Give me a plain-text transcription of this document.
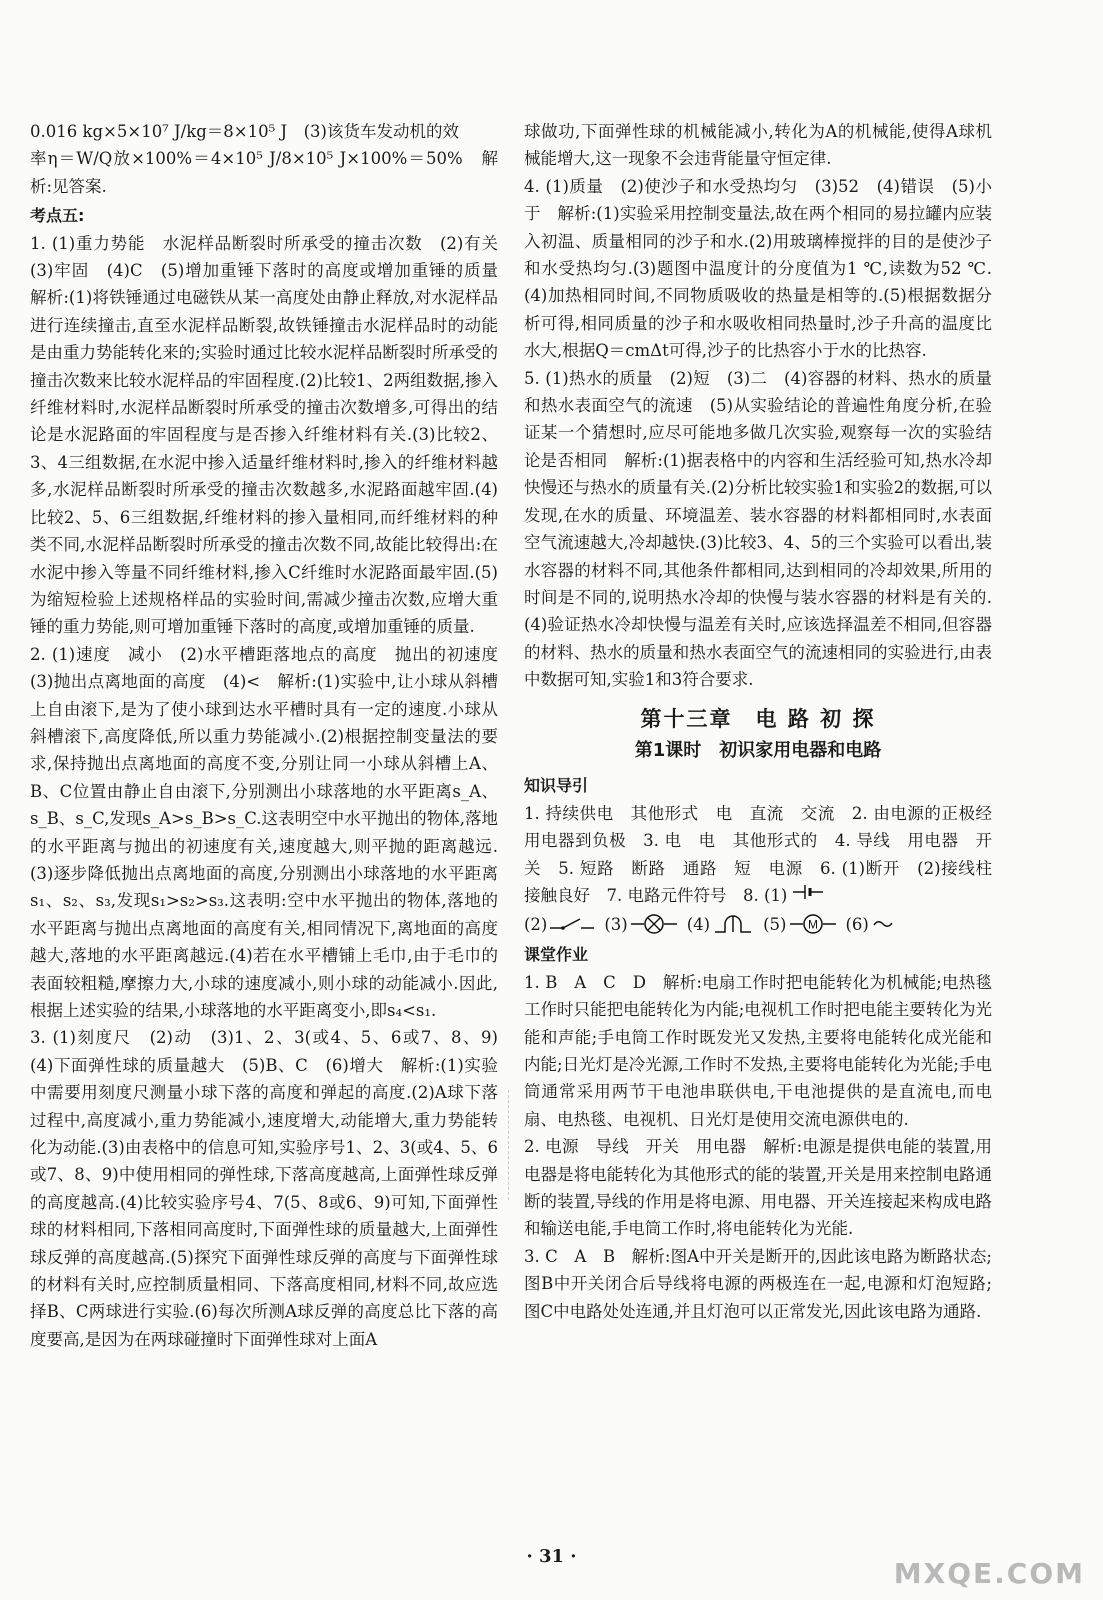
0.016 kg×5×10⁷ J/kg＝8×10⁵ J　(3)该货车发动机的效

率η＝W/Q放×100%＝4×10⁵ J/8×10⁵ J×100%＝50%　解析:见答案.

考点五:

1. (1)重力势能　水泥样品断裂时所承受的撞击次数　(2)有关　(3)牢固　(4)C　(5)增加重锤下落时的高度或增加重锤的质量　解析:(1)将铁锤通过电磁铁从某一高度处由静止释放,对水泥样品进行连续撞击,直至水泥样品断裂,故铁锤撞击水泥样品时的动能是由重力势能转化来的;实验时通过比较水泥样品断裂时所承受的撞击次数来比较水泥样品的牢固程度.(2)比较1、2两组数据,掺入纤维材料时,水泥样品断裂时所承受的撞击次数增多,可得出的结论是水泥路面的牢固程度与是否掺入纤维材料有关.(3)比较2、3、4三组数据,在水泥中掺入适量纤维材料时,掺入的纤维材料越多,水泥样品断裂时所承受的撞击次数越多,水泥路面越牢固.(4)比较2、5、6三组数据,纤维材料的掺入量相同,而纤维材料的种类不同,水泥样品断裂时所承受的撞击次数不同,故能比较得出:在水泥中掺入等量不同纤维材料,掺入C纤维时水泥路面最牢固.(5)为缩短检验上述规格样品的实验时间,需减少撞击次数,应增大重锤的重力势能,则可增加重锤下落时的高度,或增加重锤的质量.

2. (1)速度　减小　(2)水平槽距落地点的高度　抛出的初速度　(3)抛出点离地面的高度　(4)<　解析:(1)实验中,让小球从斜槽上自由滚下,是为了使小球到达水平槽时具有一定的速度.小球从斜槽滚下,高度降低,所以重力势能减小.(2)根据控制变量法的要求,保持抛出点离地面的高度不变,分别让同一小球从斜槽上A、B、C位置由静止自由滚下,分别测出小球落地的水平距离s_A、s_B、s_C,发现s_A>s_B>s_C.这表明空中水平抛出的物体,落地的水平距离与抛出的初速度有关,速度越大,则平抛的距离越远.(3)逐步降低抛出点离地面的高度,分别测出小球落地的水平距离s₁、s₂、s₃,发现s₁>s₂>s₃.这表明:空中水平抛出的物体,落地的水平距离与抛出点离地面的高度有关,相同情况下,离地面的高度越大,落地的水平距离越远.(4)若在水平槽铺上毛巾,由于毛巾的表面较粗糙,摩擦力大,小球的速度减小,则小球的动能减小.因此,根据上述实验的结果,小球落地的水平距离变小,即s₄<s₁.

3. (1)刻度尺　(2)动　(3)1、2、3(或4、5、6或7、8、9)　(4)下面弹性球的质量越大　(5)B、C　(6)增大　解析:(1)实验中需要用刻度尺测量小球下落的高度和弹起的高度.(2)A球下落过程中,高度减小,重力势能减小,速度增大,动能增大,重力势能转化为动能.(3)由表格中的信息可知,实验序号1、2、3(或4、5、6或7、8、9)中使用相同的弹性球,下落高度越高,上面弹性球反弹的高度越高.(4)比较实验序号4、7(5、8或6、9)可知,下面弹性球的材料相同,下落相同高度时,下面弹性球的质量越大,上面弹性球反弹的高度越高.(5)探究下面弹性球反弹的高度与下面弹性球的材料有关时,应控制质量相同、下落高度相同,材料不同,故应选择B、C两球进行实验.(6)每次所测A球反弹的高度总比下落的高度要高,是因为在两球碰撞时下面弹性球对上面A

球做功,下面弹性球的机械能减小,转化为A的机械能,使得A球机械能增大,这一现象不会违背能量守恒定律.

4. (1)质量　(2)使沙子和水受热均匀　(3)52　(4)错误　(5)小于　解析:(1)实验采用控制变量法,故在两个相同的易拉罐内应装入初温、质量相同的沙子和水.(2)用玻璃棒搅拌的目的是使沙子和水受热均匀.(3)题图中温度计的分度值为1 ℃,读数为52 ℃.(4)加热相同时间,不同物质吸收的热量是相等的.(5)根据数据分析可得,相同质量的沙子和水吸收相同热量时,沙子升高的温度比水大,根据Q＝cmΔt可得,沙子的比热容小于水的比热容.

5. (1)热水的质量　(2)短　(3)二　(4)容器的材料、热水的质量和热水表面空气的流速　(5)从实验结论的普遍性角度分析,在验证某一个猜想时,应尽可能地多做几次实验,观察每一次的实验结论是否相同　解析:(1)据表格中的内容和生活经验可知,热水冷却快慢还与热水的质量有关.(2)分析比较实验1和实验2的数据,可以发现,在水的质量、环境温差、装水容器的材料都相同时,水表面空气流速越大,冷却越快.(3)比较3、4、5的三个实验可以看出,装水容器的材料不同,其他条件都相同,达到相同的冷却效果,所用的时间是不同的,说明热水冷却的快慢与装水容器的材料是有关的.(4)验证热水冷却快慢与温差有关时,应该选择温差不相同,但容器的材料、热水的质量和热水表面空气的流速相同的实验进行,由表中数据可知,实验1和3符合要求.

第十三章　电 路 初 探

第1课时　初识家用电器和电路

知识导引

1. 持续供电　其他形式　电　直流　交流　2. 由电源的正极经用电器到负极　3. 电　电　其他形式的　4. 导线　用电器　开关　5. 短路　断路　通路　短　电源　6. (1)断开　(2)接线柱　接触良好　7. 电路元件符号　8. (1)

(2)	(3)	(4)	(5) M (6)

课堂作业

1. B　A　C　D　解析:电扇工作时把电能转化为机械能;电热毯工作时只能把电能转化为内能;电视机工作时把电能主要转化为光能和声能;手电筒工作时既发光又发热,主要将电能转化成光能和内能;日光灯是冷光源,工作时不发热,主要将电能转化为光能;手电筒通常采用两节干电池串联供电,干电池提供的是直流电,而电扇、电热毯、电视机、日光灯是使用交流电源供电的.

2. 电源　导线　开关　用电器　解析:电源是提供电能的装置,用电器是将电能转化为其他形式的能的装置,开关是用来控制电路通断的装置,导线的作用是将电源、用电器、开关连接起来构成电路和输送电能,手电筒工作时,将电能转化为光能.

3. C　A　B　解析:图A中开关是断开的,因此该电路为断路状态;图B中开关闭合后导线将电源的两极连在一起,电源和灯泡短路;图C中电路处处连通,并且灯泡可以正常发光,因此该电路为通路.

· 31 ·
MXQE.COM
